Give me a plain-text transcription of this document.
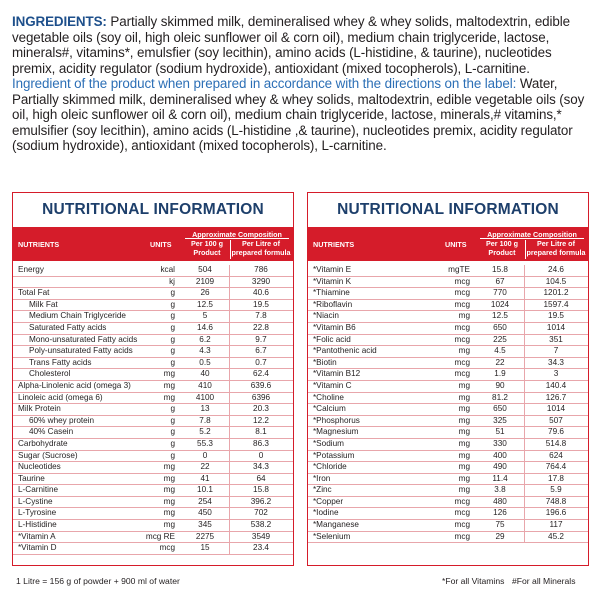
INGREDIENTS: Partially skimmed milk, demineralised whey & whey solids, maltodextrin, edible vegetable oils (soy oil, high oleic sunflower oil & corn oil), medium chain triglyceride, lactose, minerals#, vitamins*, emulsfier (soy lecithin), amino acids (L-histidine, & taurine), nucleotides premix, acidity regulator (sodium hydroxide), antioxidant (mixed tocopherols), L-carnitine.
Ingredient of the product when prepared in accordance with the directions on the label: Water, Partially skimmed milk, demineralised whey & whey solids, maltodextrin, edible vegetable oils (soy oil, high oleic sunflower oil & corn oil), medium chain triglyceride, lactose, minerals,# vitamins,* emulsifier (soy lecithin), amino acids (L-histidine ,& taurine), nucleotides premix, acidity regulator (sodium hydroxide), antioxidant (mixed tocopherols), L-carnitine.
NUTRITIONAL INFORMATION
NUTRIENTS	UNITS
Approximate Composition
Per 100 g Product
Per Litre of prepared formula
Energy	kcal	504	786
kj	2109	3290
Total Fat	g	26	40.6
Milk Fat	g	12.5	19.5
Medium Chain Triglyceride	g	5	7.8
Saturated Fatty acids	g	14.6	22.8
Mono-unsaturated Fatty acids	g	6.2	9.7
Poly-unsaturated Fatty acids	g	4.3	6.7
Trans Fatty acids	g	0.5	0.7
Cholesterol	mg	40	62.4
Alpha-Linolenic acid (omega 3)	mg	410	639.6
Linoleic acid (omega 6)	mg	4100	6396
Milk Protein	g	13	20.3
60% whey protein	g	7.8	12.2
40% Casein	g	5.2	8.1
Carbohydrate	g	55.3	86.3
Sugar (Sucrose)	g	0	0
Nucleotides	mg	22	34.3
Taurine	mg	41	64
L-Carnitine	mg	10.1	15.8
L-Cystine	mg	254	396.2
L-Tyrosine	mg	450	702
L-Histidine	mg	345	538.2
*Vitamin A	mcg RE	2275	3549
*Vitamin D	mcg	15	23.4
NUTRITIONAL INFORMATION
NUTRIENTS	UNITS
Approximate Composition
Per 100 g Product
Per Litre of prepared formula
*Vitamin E	mgTE	15.8	24.6
*Vitamin K	mcg	67	104.5
*Thiamine	mcg	770	1201.2
*Riboflavin	mcg	1024	1597.4
*Niacin	mg	12.5	19.5
*Vitamin B6	mcg	650	1014
*Folic acid	mcg	225	351
*Pantothenic acid	mg	4.5	7
*Biotin	mcg	22	34.3
*Vitamin B12	mcg	1.9	3
*Vitamin C	mg	90	140.4
*Choline	mg	81.2	126.7
*Calcium	mg	650	1014
*Phosphorus	mg	325	507
*Magnesium	mg	51	79.6
*Sodium	mg	330	514.8
*Potassium	mg	400	624
*Chloride	mg	490	764.4
*Iron	mg	11.4	17.8
*Zinc	mg	3.8	5.9
*Copper	mcg	480	748.8
*Iodine	mcg	126	196.6
*Manganese	mcg	75	117
*Selenium	mcg	29	45.2
1 Litre = 156 g of powder + 900 ml of water	*For all Vitamins #For all Minerals
